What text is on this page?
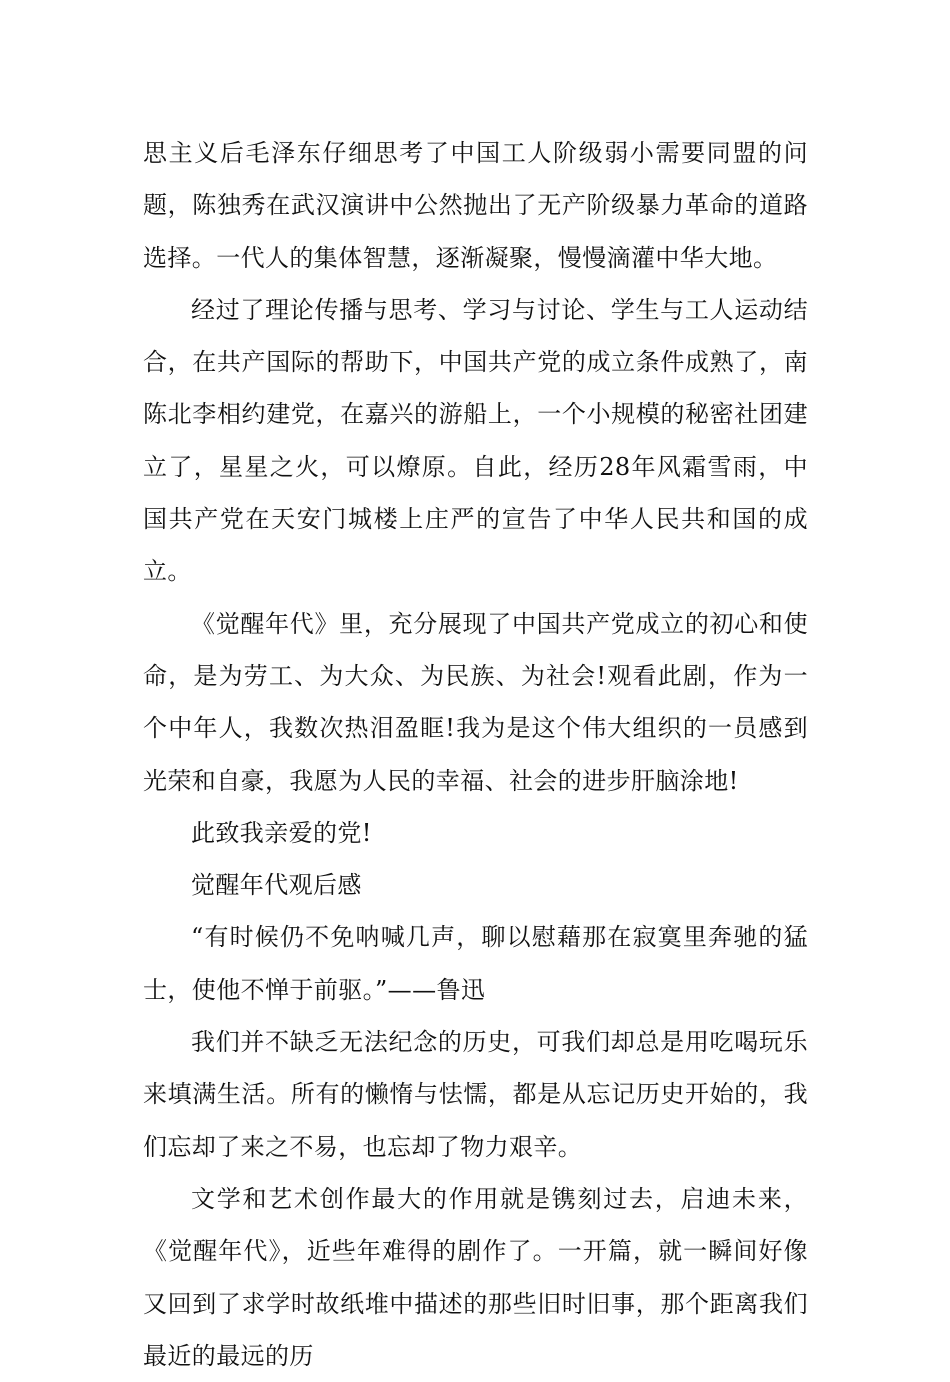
思主义后毛泽东仔细思考了中国工人阶级弱小需要同盟的问题，陈独秀在武汉演讲中公然抛出了无产阶级暴力革命的道路选择。一代人的集体智慧，逐渐凝聚，慢慢滴灌中华大地。

经过了理论传播与思考、学习与讨论、学生与工人运动结合，在共产国际的帮助下，中国共产党的成立条件成熟了，南陈北李相约建党，在嘉兴的游船上，一个小规模的秘密社团建立了，星星之火，可以燎原。自此，经历28年风霜雪雨，中国共产党在天安门城楼上庄严的宣告了中华人民共和国的成立。

《觉醒年代》里，充分展现了中国共产党成立的初心和使命，是为劳工、为大众、为民族、为社会!观看此剧，作为一个中年人，我数次热泪盈眶!我为是这个伟大组织的一员感到光荣和自豪，我愿为人民的幸福、社会的进步肝脑涂地!

此致我亲爱的党!

觉醒年代观后感

“有时候仍不免呐喊几声，聊以慰藉那在寂寞里奔驰的猛士，使他不惮于前驱。”——鲁迅

我们并不缺乏无法纪念的历史，可我们却总是用吃喝玩乐来填满生活。所有的懒惰与怯懦，都是从忘记历史开始的，我们忘却了来之不易，也忘却了物力艰辛。

文学和艺术创作最大的作用就是镌刻过去，启迪未来，《觉醒年代》，近些年难得的剧作了。一开篇，就一瞬间好像又回到了求学时故纸堆中描述的那些旧时旧事，那个距离我们最近的最远的历
